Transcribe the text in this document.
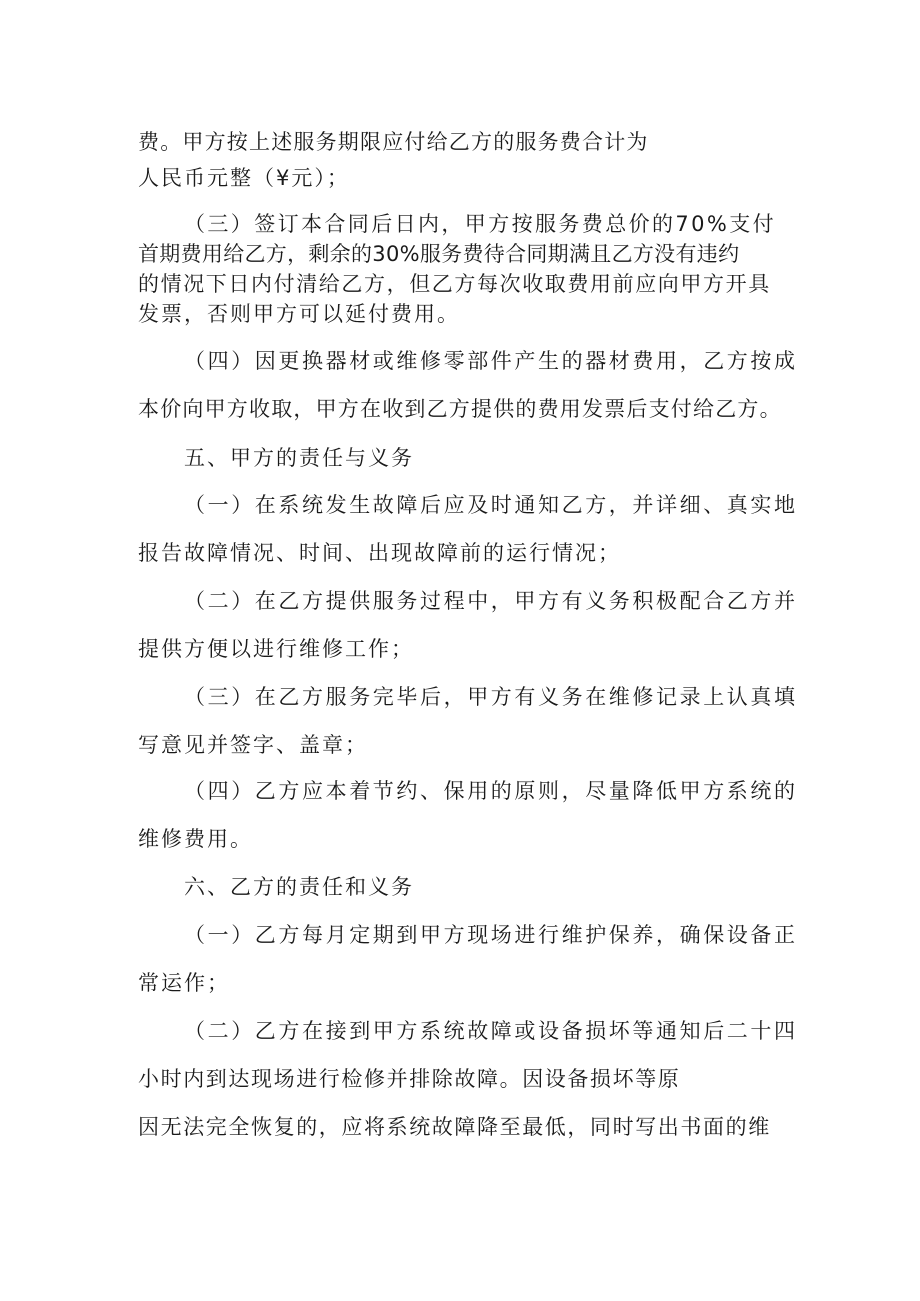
费。甲方按上述服务期限应付给乙方的服务费合计为
人民币元整（¥元）；
（三）签订本合同后日内，甲方按服务费总价的70%支付
首期费用给乙方，剩余的30%服务费待合同期满且乙方没有违约
的情况下日内付清给乙方，但乙方每次收取费用前应向甲方开具
发票，否则甲方可以延付费用。
（四）因更换器材或维修零部件产生的器材费用，乙方按成
本价向甲方收取，甲方在收到乙方提供的费用发票后支付给乙方。
五、甲方的责任与义务
（一）在系统发生故障后应及时通知乙方，并详细、真实地
报告故障情况、时间、出现故障前的运行情况；
（二）在乙方提供服务过程中，甲方有义务积极配合乙方并
提供方便以进行维修工作；
（三）在乙方服务完毕后，甲方有义务在维修记录上认真填
写意见并签字、盖章；
（四）乙方应本着节约、保用的原则，尽量降低甲方系统的
维修费用。
六、乙方的责任和义务
（一）乙方每月定期到甲方现场进行维护保养，确保设备正
常运作；
（二）乙方在接到甲方系统故障或设备损坏等通知后二十四
小时内到达现场进行检修并排除故障。因设备损坏等原
因无法完全恢复的，应将系统故障降至最低，同时写出书面的维
